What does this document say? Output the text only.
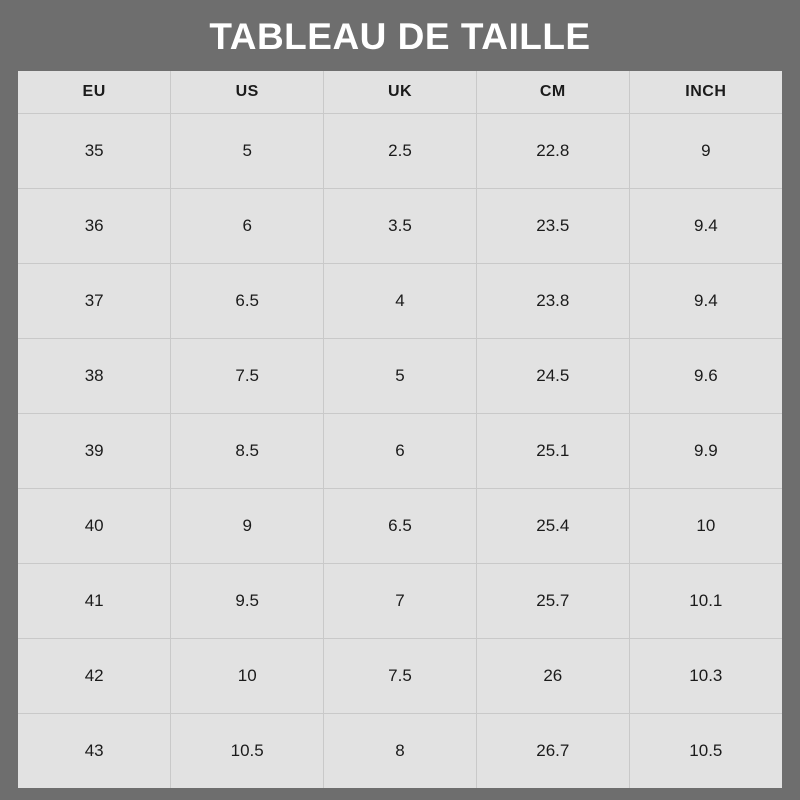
TABLEAU DE TAILLE
EU	US	UK	CM	INCH
35	5	2.5	22.8	9
36	6	3.5	23.5	9.4
37	6.5	4	23.8	9.4
38	7.5	5	24.5	9.6
39	8.5	6	25.1	9.9
40	9	6.5	25.4	10
41	9.5	7	25.7	10.1
42	10	7.5	26	10.3
43	10.5	8	26.7	10.5
